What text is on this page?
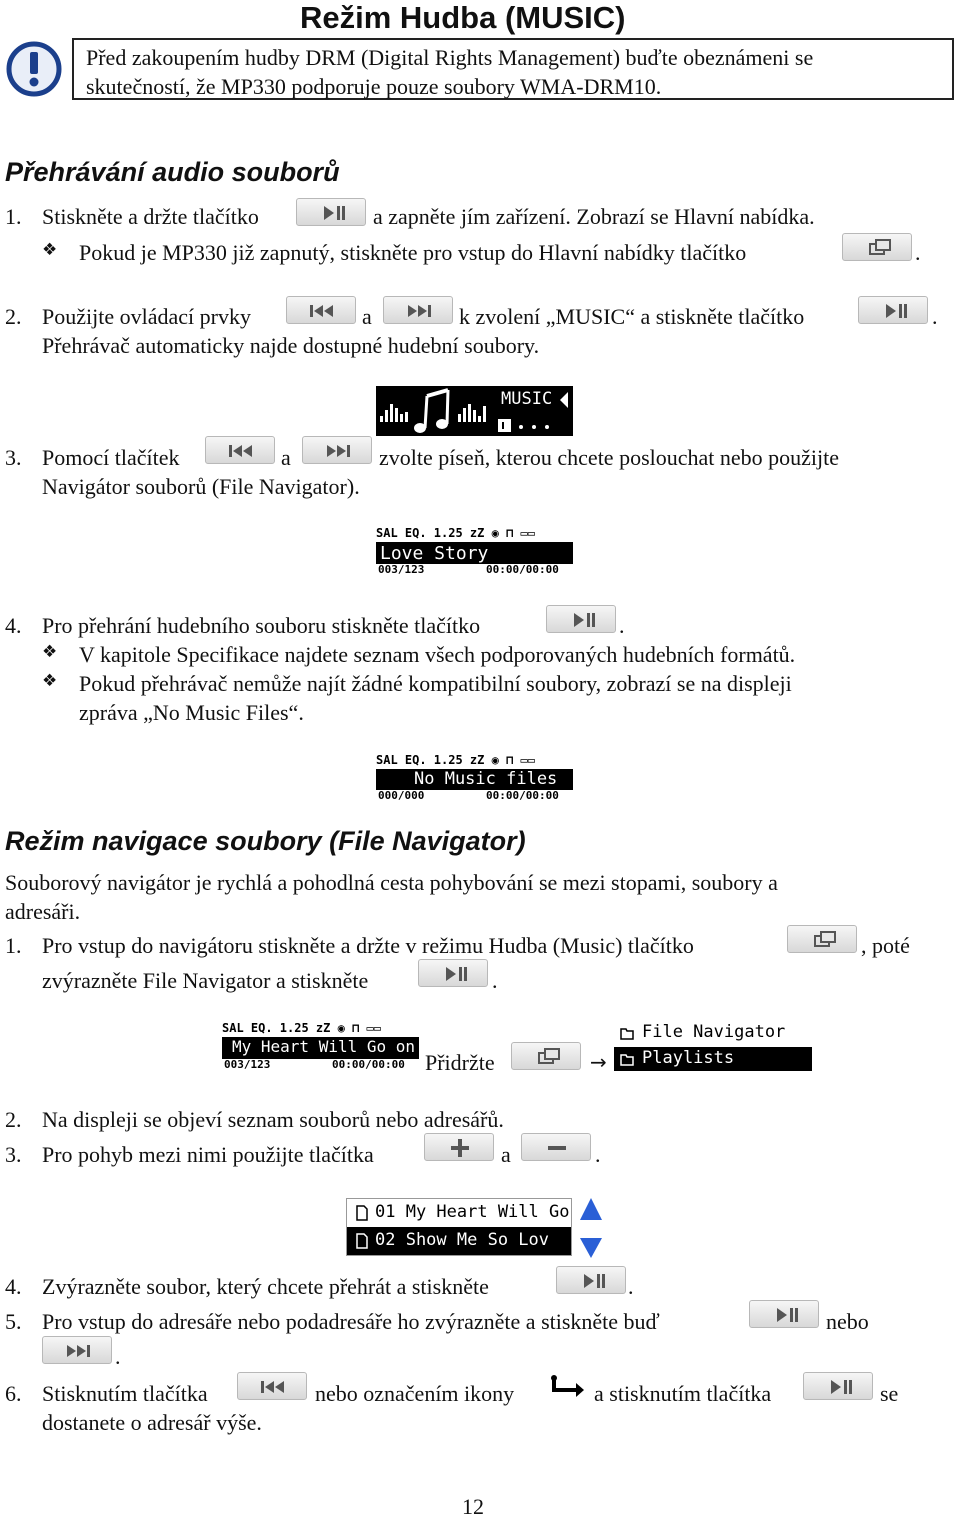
Režim Hudba (MUSIC)
Před zakoupením hudby DRM (Digital Rights Management) buďte obeznámeni se
skutečností, že MP330 podporuje pouze soubory WMA-DRM10.
Přehrávání audio souborů
1. Stiskněte a držte tlačítko	a zapněte jím zařízení. Zobrazí se Hlavní nabídka.
❖ Pokud je MP330 již zapnutý, stiskněte pro vstup do Hlavní nabídky tlačítko	.
2. Použijte ovládací prvky	a	k zvolení „MUSIC“ a stiskněte tlačítko	.
Přehrávač automaticky najde dostupné hudební soubory.
MUSIC
3. Pomocí tlačítek	a	zvolte píseň, kterou chcete poslouchat nebo použijte
Navigátor souborů (File Navigator).
SAL EQ. 1.25 zZ ◉ ⊓ ▭▭
Love Story
003/123	00:00/00:00
4. Pro přehrání hudebního souboru stiskněte tlačítko	.
❖ V kapitole Specifikace najdete seznam všech podporovaných hudebních formátů.
❖ Pokud přehrávač nemůže najít žádné kompatibilní soubory, zobrazí se na displeji
zpráva „No Music Files“.
SAL EQ. 1.25 zZ ◉ ⊓ ▭▭
No Music files
000/000	00:00/00:00
Režim navigace soubory (File Navigator)
Souborový navigátor je rychlá a pohodlná cesta pohybování se mezi stopami, soubory a
adresáři.
1. Pro vstup do navigátoru stiskněte a držte v režimu Hudba (Music) tlačítko	, poté
zvýrazněte File Navigator a stiskněte	.
SAL EQ. 1.25 zZ ◉ ⊓ ▭▭
My Heart Will Go on
003/123	00:00/00:00 Přidržte	→
File Navigator
Playlists
2. Na displeji se objeví seznam souborů nebo adresářů.
3. Pro pohyb mezi nimi použijte tlačítka	a	.
01 My Heart Will Go
02 Show Me So Lov
4. Zvýrazněte soubor, který chcete přehrát a stiskněte	.
5. Pro vstup do adresáře nebo podadresáře ho zvýrazněte a stiskněte buď	nebo
.
6. Stisknutím tlačítka	nebo označením ikony	a stisknutím tlačítka	se
dostanete o adresář výše.
12
